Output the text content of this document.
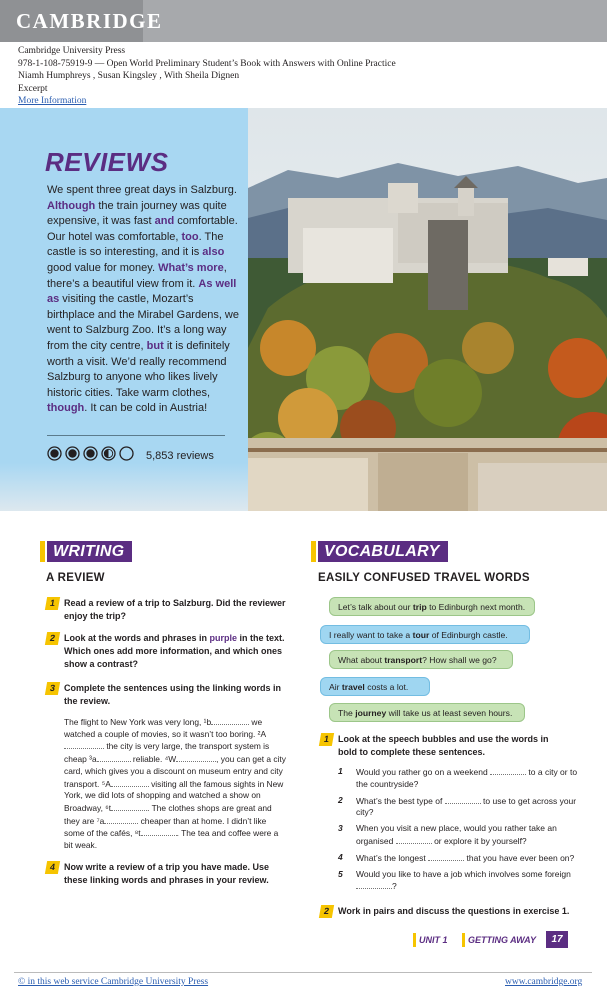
CAMBRIDGE
Cambridge University Press
978-1-108-75919-9 — Open World Preliminary Student’s Book with Answers with Online Practice
Niamh Humphreys , Susan Kingsley , With Sheila Dignen
Excerpt
More Information
REVIEWS
We spent three great days in Salzburg. Although the train journey was quite expensive, it was fast and comfortable. Our hotel was comfortable, too. The castle is so interesting, and it is also good value for money. What’s more, there’s a beautiful view from it. As well as visiting the castle, Mozart’s birthplace and the Mirabel Gardens, we went to Salzburg Zoo. It’s a long way from the city centre, but it is definitely worth a visit. We’d really recommend Salzburg to anyone who likes lively historic cities. Take warm clothes, though. It can be cold in Austria!
5,853 reviews
WRITING
A REVIEW
1 Read a review of a trip to Salzburg. Did the reviewer enjoy the trip?
2 Look at the words and phrases in purple in the text. Which ones add more information, and which ones show a contrast?
3 Complete the sentences using the linking words in the review.
The flight to New York was very long, ¹b	we watched a couple of movies, so it wasn’t too boring. ²A the city is very large, the transport system is cheap ³a	reliable. ⁴W	, you can get a city card, which gives you a discount on museum entry and city transport. ⁵A	visiting all the famous sights in New York, we did lots of shopping and watched a show on Broadway, ⁶t	. The clothes shops are great and they are ⁷a	cheaper than at home. I didn’t like some of the cafés, ⁸t	. The tea and coffee were a bit weak.
4 Now write a review of a trip you have made. Use these linking words and phrases in your review.
VOCABULARY
EASILY CONFUSED TRAVEL WORDS
Let’s talk about our trip to Edinburgh next month.
I really want to take a tour of Edinburgh castle.
What about transport? How shall we go?
Air travel costs a lot.
The journey will take us at least seven hours.
1 Look at the speech bubbles and use the words in bold to complete these sentences.
1 Would you rather go on a weekend	to a city or to the countryside?
2 What’s the best type of	to use to get across your city?
3 When you visit a new place, would you rather take an organised	or explore it by yourself?
4 What’s the longest	that you have ever been on?
5 Would you like to have a job which involves some foreign ?
2 Work in pairs and discuss the questions in exercise 1.
UNIT 1 GETTING AWAY	17
© in this web service Cambridge University Press	www.cambridge.org
